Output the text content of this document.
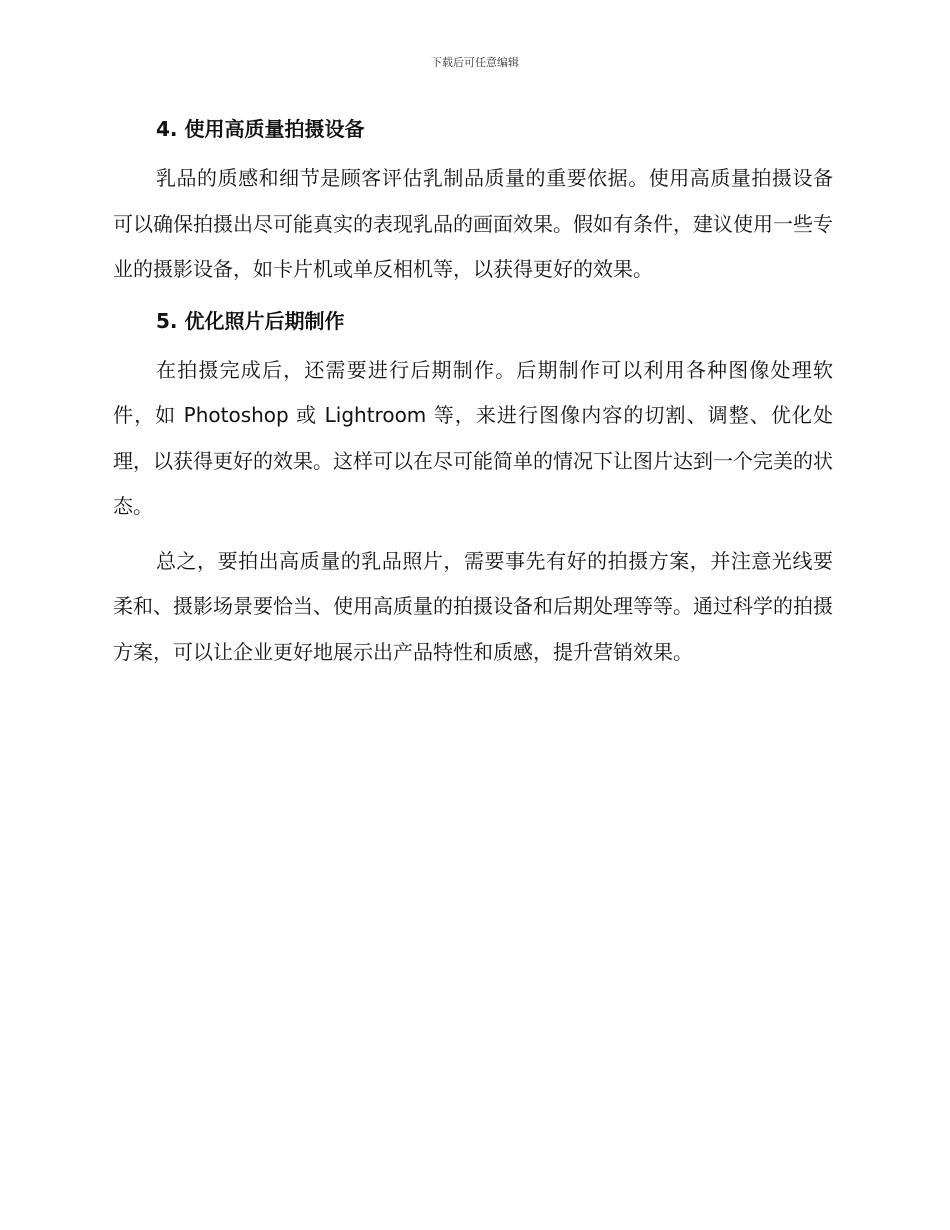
下载后可任意编辑
4. 使用高质量拍摄设备

乳品的质感和细节是顾客评估乳制品质量的重要依据。使用高质量拍摄设备可以确保拍摄出尽可能真实的表现乳品的画面效果。假如有条件，建议使用一些专业的摄影设备，如卡片机或单反相机等，以获得更好的效果。

5. 优化照片后期制作

在拍摄完成后，还需要进行后期制作。后期制作可以利用各种图像处理软件，如 Photoshop 或 Lightroom 等，来进行图像内容的切割、调整、优化处理，以获得更好的效果。这样可以在尽可能简单的情况下让图片达到一个完美的状态。

总之，要拍出高质量的乳品照片，需要事先有好的拍摄方案，并注意光线要柔和、摄影场景要恰当、使用高质量的拍摄设备和后期处理等等。通过科学的拍摄方案，可以让企业更好地展示出产品特性和质感，提升营销效果。
